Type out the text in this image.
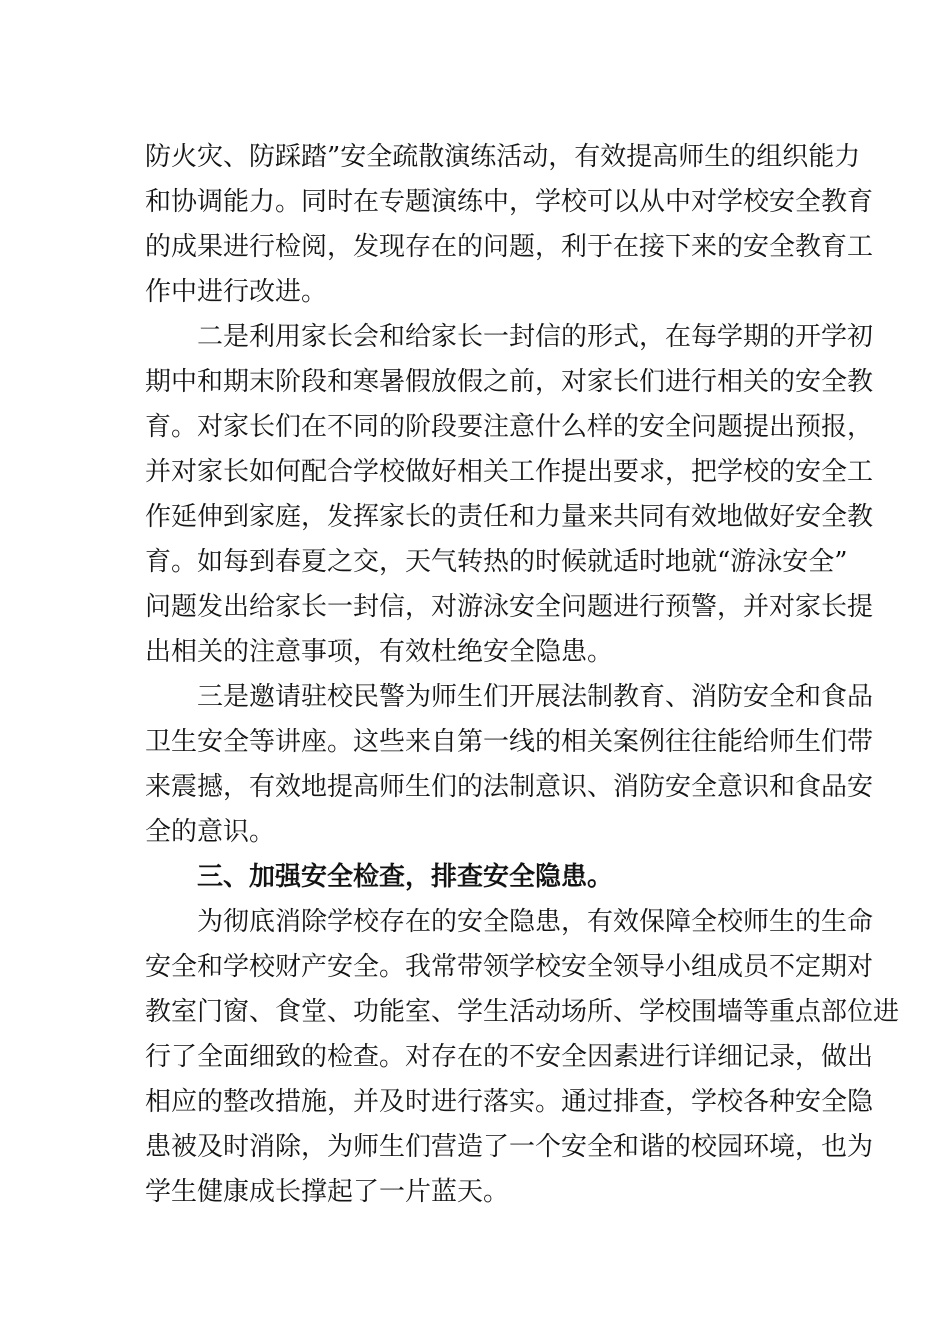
防火灾、防踩踏”安全疏散演练活动，有效提高师生的组织能力
和协调能力。同时在专题演练中，学校可以从中对学校安全教育
的成果进行检阅，发现存在的问题，利于在接下来的安全教育工
作中进行改进。
二是利用家长会和给家长一封信的形式，在每学期的开学初
期中和期末阶段和寒暑假放假之前，对家长们进行相关的安全教
育。对家长们在不同的阶段要注意什么样的安全问题提出预报，
并对家长如何配合学校做好相关工作提出要求，把学校的安全工
作延伸到家庭，发挥家长的责任和力量来共同有效地做好安全教
育。如每到春夏之交，天气转热的时候就适时地就“游泳安全”
问题发出给家长一封信，对游泳安全问题进行预警，并对家长提
出相关的注意事项，有效杜绝安全隐患。
三是邀请驻校民警为师生们开展法制教育、消防安全和食品
卫生安全等讲座。这些来自第一线的相关案例往往能给师生们带
来震撼，有效地提高师生们的法制意识、消防安全意识和食品安
全的意识。
三、加强安全检查，排查安全隐患。
为彻底消除学校存在的安全隐患，有效保障全校师生的生命
安全和学校财产安全。我常带领学校安全领导小组成员不定期对
教室门窗、食堂、功能室、学生活动场所、学校围墙等重点部位进
行了全面细致的检查。对存在的不安全因素进行详细记录，做出
相应的整改措施，并及时进行落实。通过排查，学校各种安全隐
患被及时消除，为师生们营造了一个安全和谐的校园环境，也为
学生健康成长撑起了一片蓝天。
